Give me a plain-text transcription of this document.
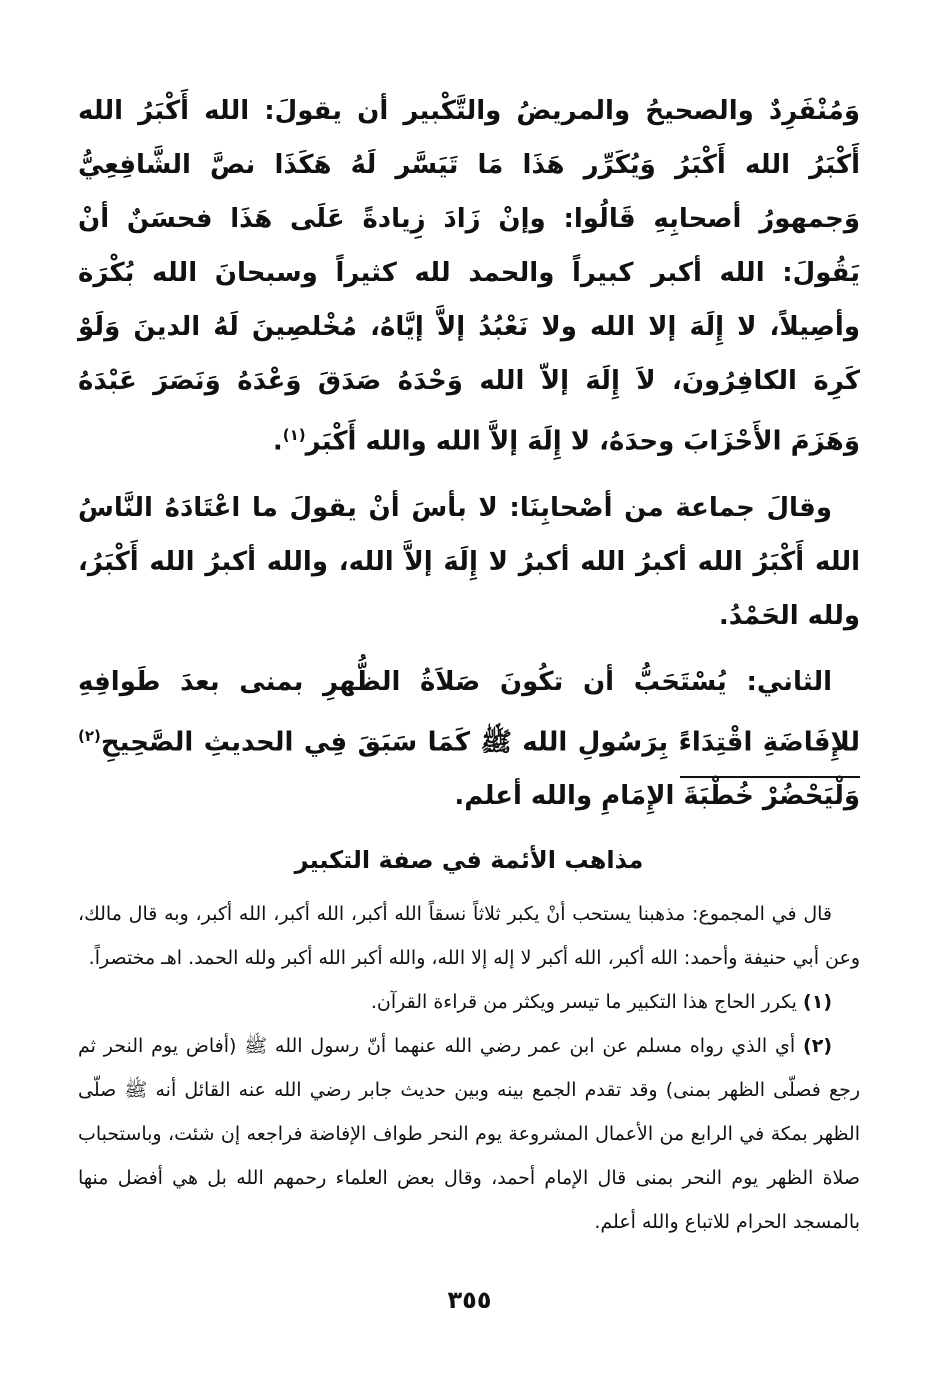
وَمُنْفَرِدٌ والصحيحُ والمريضُ والتَّكْبير أن يقولَ: الله أَكْبَرُ الله أَكْبَرُ الله أَكْبَرُ وَيُكَرِّر هَذَا مَا تَيَسَّر لَهُ هَكَذَا نصَّ الشَّافِعِيُّ وَجمهورُ أصحابِهِ قَالُوا: وإنْ زَادَ زِيادةً عَلَى هَذَا فحسَنٌ أنْ يَقُولَ: الله أكبر كبيراً والحمد لله كثيراً وسبحانَ الله بُكْرَة وأصِيلاً، لا إِلَهَ إلا الله ولا نَعْبُدُ إلاَّ إيَّاهُ، مُخْلصِينَ لَهُ الدينَ وَلَوْ كَرِهَ الكافِرُونَ، لاَ إِلَهَ إلاّ الله وَحْدَهُ صَدَقَ وَعْدَهُ وَنَصَرَ عَبْدَهُ وَهَزَمَ الأَحْزَابَ وحدَهُ، لا إِلَهَ إلاَّ الله والله أَكْبَر$^{(١)}$.

وقالَ جماعة من أصْحابِنَا: لا بأسَ أنْ يقولَ ما اعْتَادَهُ النَّاسُ الله أَكْبَرُ الله أكبرُ الله أكبرُ لا إِلَهَ إلاَّ الله، والله أكبرُ الله أَكْبَرُ، ولله الحَمْدُ.

الثاني: يُسْتَحَبُّ أن تكُونَ صَلاَةُ الظُّهرِ بمنى بعدَ طَوافِهِ للإِفَاضَةِ اقْتِدَاءً بِرَسُولِ الله ﷺ كَمَا سَبَقَ فِي الحديثِ الصَّحِيحِ$^{(٢)}$ وَلْيَحْضُرْ خُطْبَةَ الإِمَامِ والله أعلم.

مذاهب الأئمة في صفة التكبير

قال في المجموع: مذهبنا يستحب أنْ يكبر ثلاثاً نسقاً الله أكبر، الله أكبر، الله أكبر، وبه قال مالك، وعن أبي حنيفة وأحمد: الله أكبر، الله أكبر لا إله إلا الله، والله أكبر الله أكبر ولله الحمد. اهـ مختصراً.

(١) يكرر الحاج هذا التكبير ما تيسر ويكثر من قراءة القرآن.

(٢) أي الذي رواه مسلم عن ابن عمر رضي الله عنهما أنّ رسول الله ﷺ (أفاض يوم النحر ثم رجع فصلّى الظهر بمنى) وقد تقدم الجمع بينه وبين حديث جابر رضي الله عنه القائل أنه ﷺ صلّى الظهر بمكة في الرابع من الأعمال المشروعة يوم النحر طواف الإفاضة فراجعه إن شئت، وباستحباب صلاة الظهر يوم النحر بمنى قال الإمام أحمد، وقال بعض العلماء رحمهم الله بل هي أفضل منها بالمسجد الحرام للاتباع والله أعلم.

٣٥٥
